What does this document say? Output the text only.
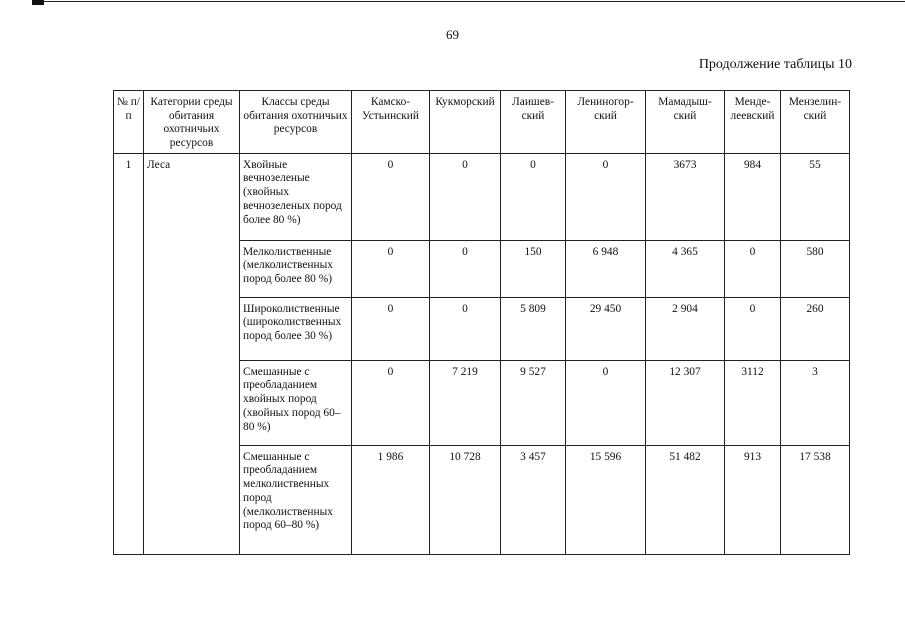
69
Продолжение таблицы 10
№ п/п	Категории среды обитания охотничьих ресурсов	Классы среды обитания охотничьих ресурсов	Камско-Устьинский	Кукморский	Лаишев-ский	Лениногор-ский	Мамадыш-ский	Менде-леевский	Мензелин-ский
1	Леса	Хвойные вечнозеленые (хвойных вечнозеленых пород более 80 %)	0	0	0	0	3673	984	55
		Мелколиственные (мелколиственных пород более 80 %)	0	0	150	6 948	4 365	0	580
		Широколиственные (широколиственных пород более 30 %)	0	0	5 809	29 450	2 904	0	260
		Смешанные с преобладанием хвойных пород (хвойных пород 60–80 %)	0	7 219	9 527	0	12 307	3112	3
		Смешанные с преобладанием мелколиственных пород (мелколиственных пород 60–80 %)	1 986	10 728	3 457	15 596	51 482	913	17 538
